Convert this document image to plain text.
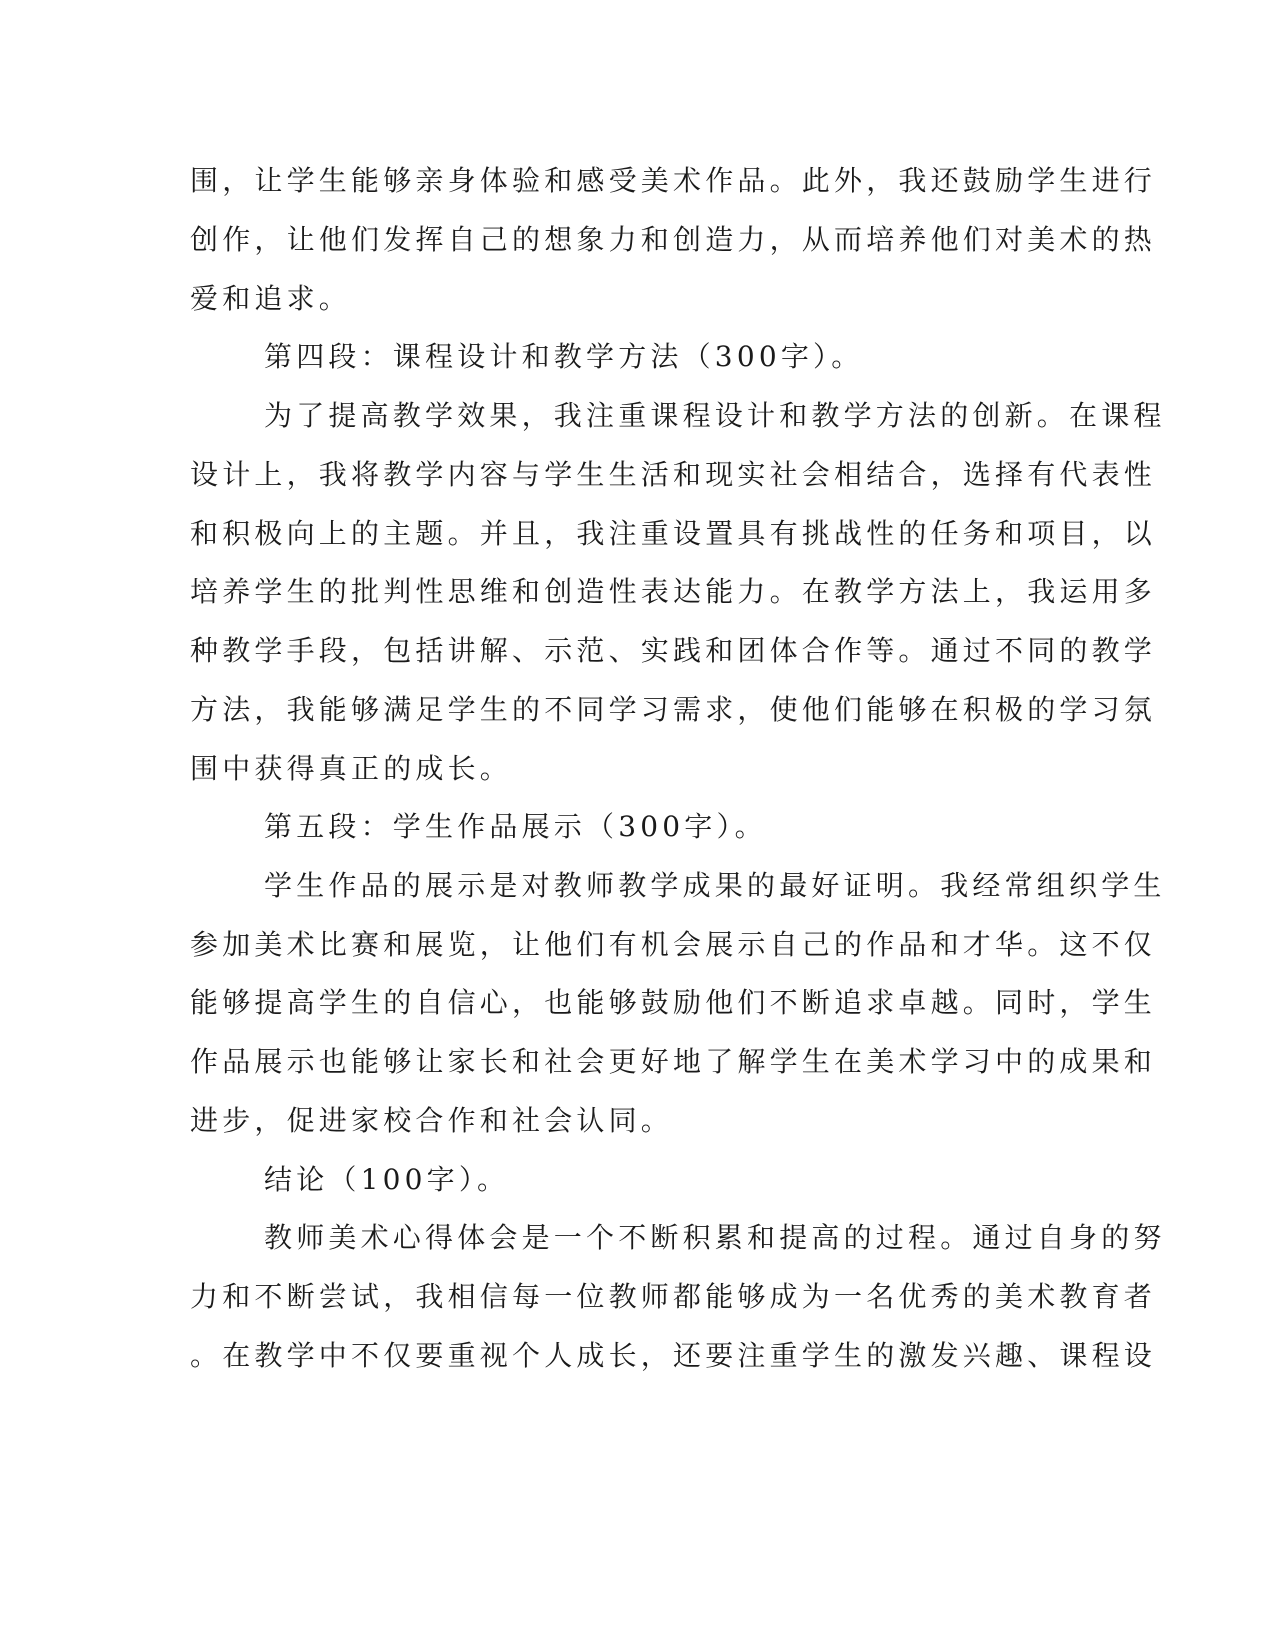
围，让学生能够亲身体验和感受美术作品。此外，我还鼓励学生进行
创作，让他们发挥自己的想象力和创造力，从而培养他们对美术的热
爱和追求。
第四段：课程设计和教学方法（300字）。
为了提高教学效果，我注重课程设计和教学方法的创新。在课程
设计上，我将教学内容与学生生活和现实社会相结合，选择有代表性
和积极向上的主题。并且，我注重设置具有挑战性的任务和项目，以
培养学生的批判性思维和创造性表达能力。在教学方法上，我运用多
种教学手段，包括讲解、示范、实践和团体合作等。通过不同的教学
方法，我能够满足学生的不同学习需求，使他们能够在积极的学习氛
围中获得真正的成长。
第五段：学生作品展示（300字）。
学生作品的展示是对教师教学成果的最好证明。我经常组织学生
参加美术比赛和展览，让他们有机会展示自己的作品和才华。这不仅
能够提高学生的自信心，也能够鼓励他们不断追求卓越。同时，学生
作品展示也能够让家长和社会更好地了解学生在美术学习中的成果和
进步，促进家校合作和社会认同。
结论（100字）。
教师美术心得体会是一个不断积累和提高的过程。通过自身的努
力和不断尝试，我相信每一位教师都能够成为一名优秀的美术教育者
。在教学中不仅要重视个人成长，还要注重学生的激发兴趣、课程设
